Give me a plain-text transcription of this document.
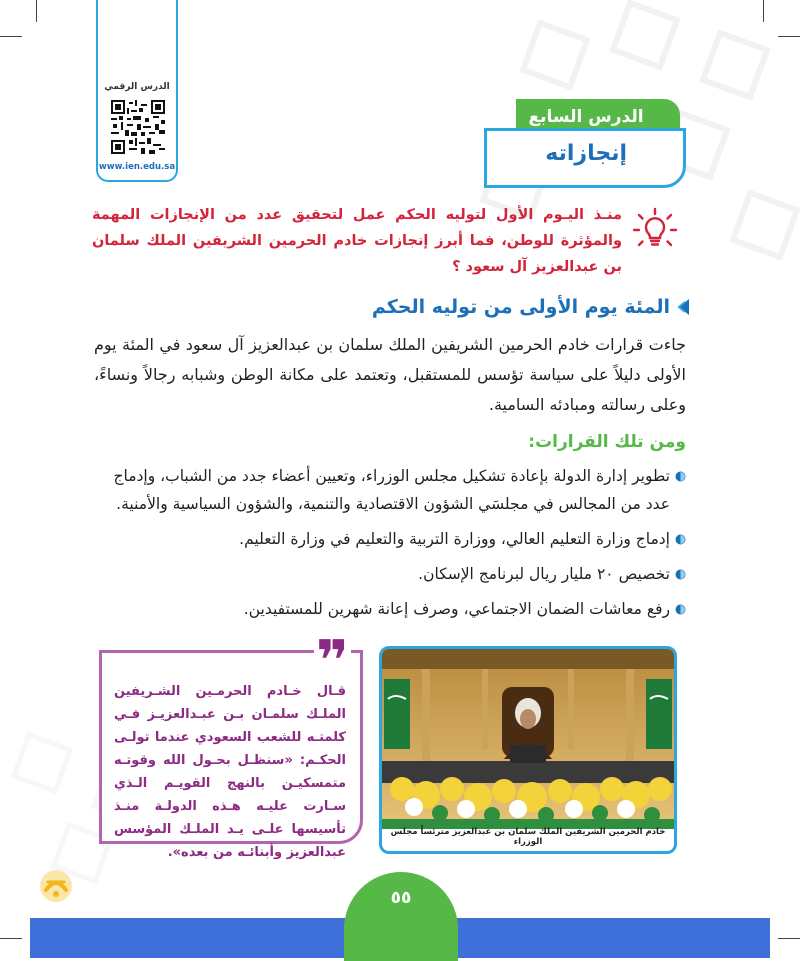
الدرس الرقمي
www.ien.edu.sa
الدرس السابع
إنجازاته
منـذ اليـوم الأول لتوليه الحكم عمل لتحقيق عدد من الإنجازات المهمة والمؤثرة للوطن، فما أبرز إنجازات خادم الحرمين الشريفين الملك سلمان بن عبدالعزيز آل سعود ؟
المئة يوم الأولى من توليه الحكم

جاءت قرارات خادم الحرمين الشريفين الملك سلمان بن عبدالعزيز آل سعود في المئة يوم الأولى دليلاً على سياسة تؤسس للمستقبل، وتعتمد على مكانة الوطن وشبابه رجالاً ونساءً، وعلى رسالته ومبادئه السامية.

ومن تلك القرارات:
تطوير إدارة الدولة بإعادة تشكيل مجلس الوزراء، وتعيين أعضاء جدد من الشباب، وإدماج عدد من المجالس في مجلسَي الشؤون الاقتصادية والتنمية، والشؤون السياسية والأمنية.
إدماج وزارة التعليم العالي، ووزارة التربية والتعليم في وزارة التعليم.
تخصيص ٢٠ مليار ريال لبرنامج الإسكان.
رفع معاشات الضمان الاجتماعي، وصرف إعانة شهرين للمستفيدين.
خادم الحرمين الشريفين الملك سلمان بن عبدالعزيز مترئساً مجلس الوزراء
❞

قـال خـادم الحرمـين الشـريفين الملـك سلمـان بـن عبـدالعزيـز فـي كلمتـه للشعب السعودي عندما تولـى الحكـم: «سنظـل بحـول الله وقوتـه متمسكيـن بالنهج القويـم الـذي سـارت عليـه هـذه الدولـة منـذ تأسيسها علـى يـد الملـك المؤسس عبدالعزيز وأبنائـه من بعده».

٥٥
